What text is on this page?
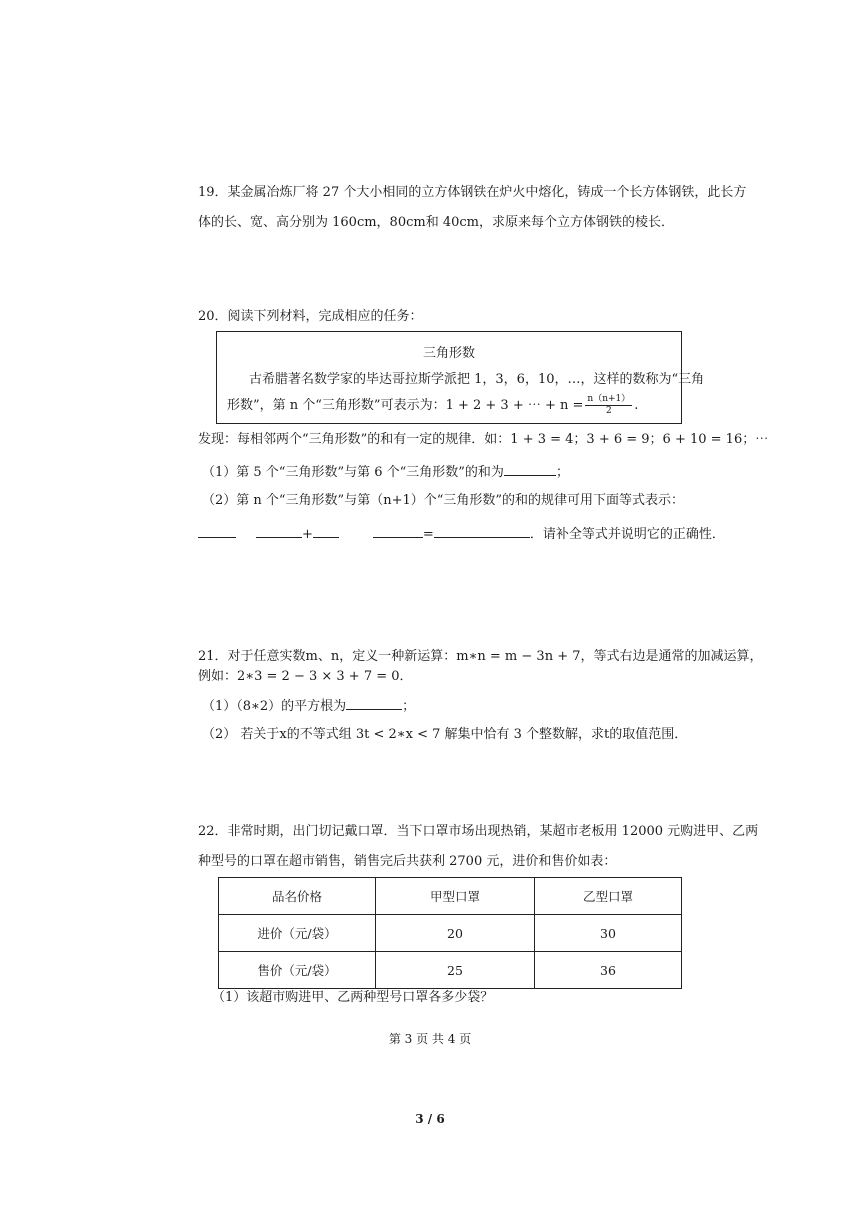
19．某金属冶炼厂将 27 个大小相同的立方体钢铁在炉火中熔化，铸成一个长方体钢铁，此长方
体的长、宽、高分别为 160cm，80cm和 40cm，求原来每个立方体钢铁的棱长．
20．阅读下列材料，完成相应的任务：
三角形数
古希腊著名数学家的毕达哥拉斯学派把 1，3，6，10，…，这样的数称为“三角
形数”，第 n 个“三角形数”可表示为：1 + 2 + 3 + ⋯ + $n = \frac{n(n+1)}{2}$ .
发现：每相邻两个“三角形数”的和有一定的规律．如：1 + 3 = 4；3 + 6 = 9；6 + 10 = 16；⋯
（1）第 5 个“三角形数”与第 6 个“三角形数”的和为	；
（2）第 n 个“三角形数”与第（n+1）个“三角形数”的和的规律可用下面等式表示：
+	=	．请补全等式并说明它的正确性．
21．对于任意实数m、n，定义一种新运算：m∗n = m − 3n + 7，等式右边是通常的加减运算，
例如：2∗3 = 2 − 3 × 3 + 7 = 0．
（1）（8∗2）的平方根为	；
（2） 若关于x的不等式组 3t < 2∗x < 7 解集中恰有 3 个整数解，求t的取值范围．
22．非常时期，出门切记戴口罩．当下口罩市场出现热销，某超市老板用 12000 元购进甲、乙两
种型号的口罩在超市销售，销售完后共获利 2700 元，进价和售价如表：
品名价格	甲型口罩	乙型口罩
进价（元/袋）	20	30
售价（元/袋）	25	36
（1）该超市购进甲、乙两种型号口罩各多少袋？
第 3 页 共 4 页
3 / 6
